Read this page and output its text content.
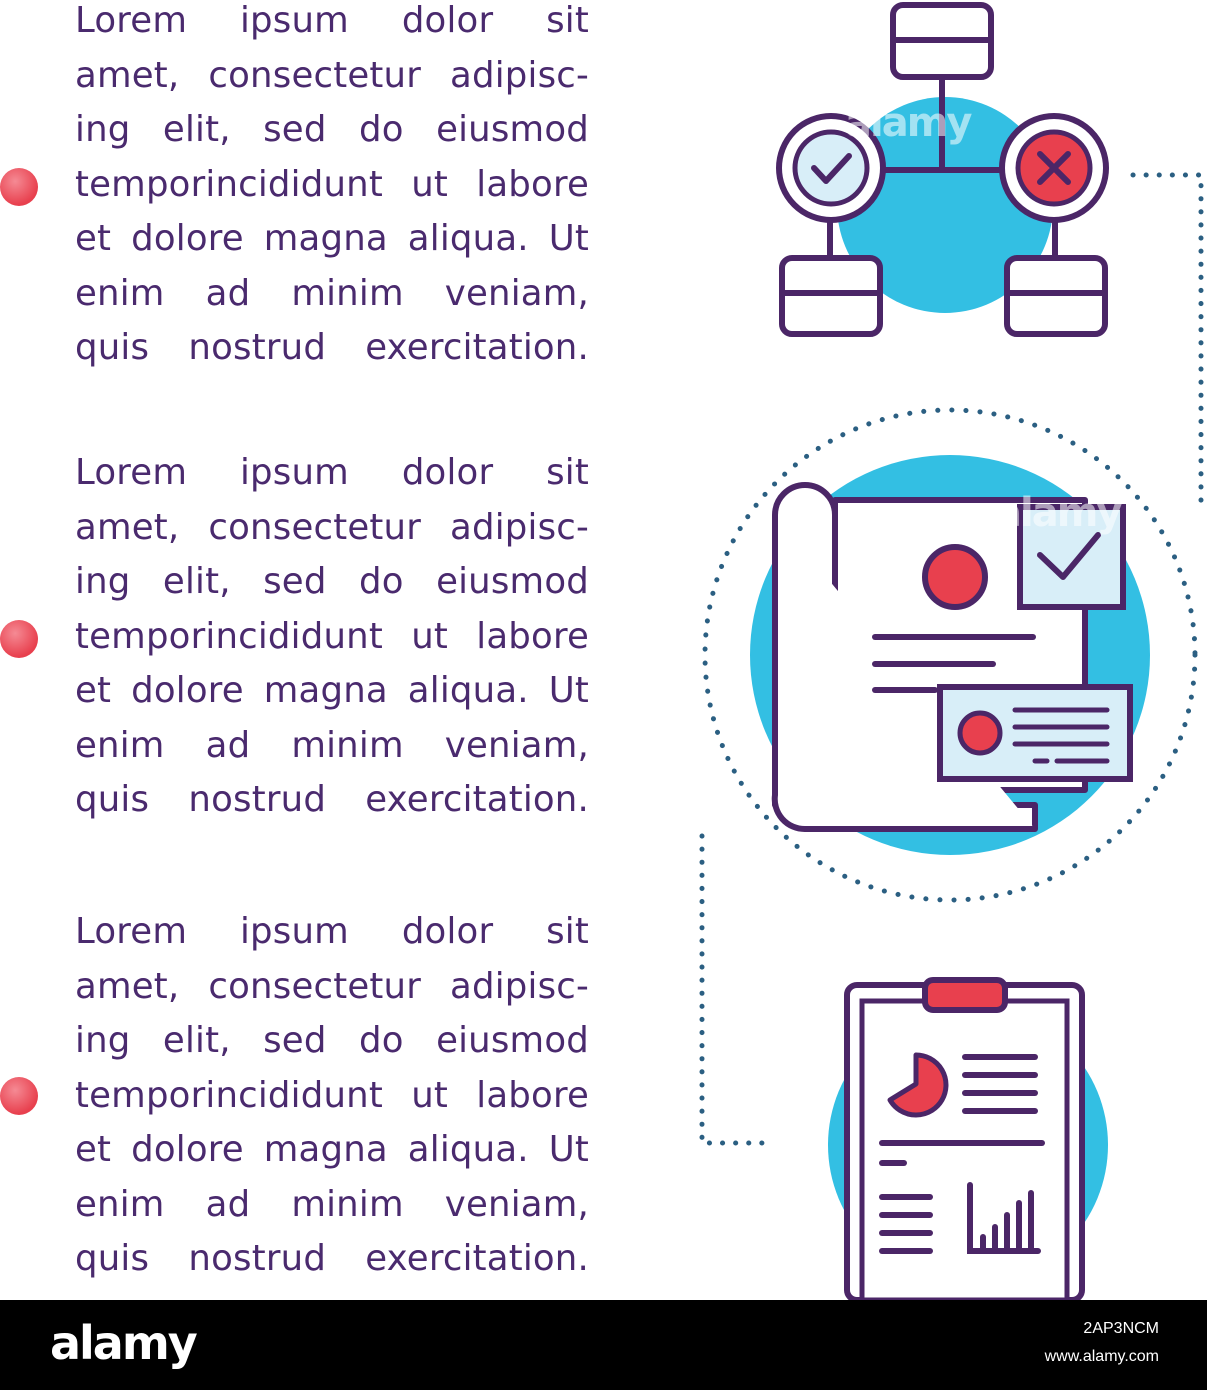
Lorem ipsum dolor sit
amet, consectetur adipisc-
ing elit, sed do eiusmod
temporincididunt ut labore
et dolore magna aliqua. Ut
enim ad minim veniam,
quis nostrud exercitation.
Lorem ipsum dolor sit
amet, consectetur adipisc-
ing elit, sed do eiusmod
temporincididunt ut labore
et dolore magna aliqua. Ut
enim ad minim veniam,
quis nostrud exercitation.
Lorem ipsum dolor sit
amet, consectetur adipisc-
ing elit, sed do eiusmod
temporincididunt ut labore
et dolore magna aliqua. Ut
enim ad minim veniam,
quis nostrud exercitation.
alamy
alamy
alamy	2AP3NCM
www.alamy.com
